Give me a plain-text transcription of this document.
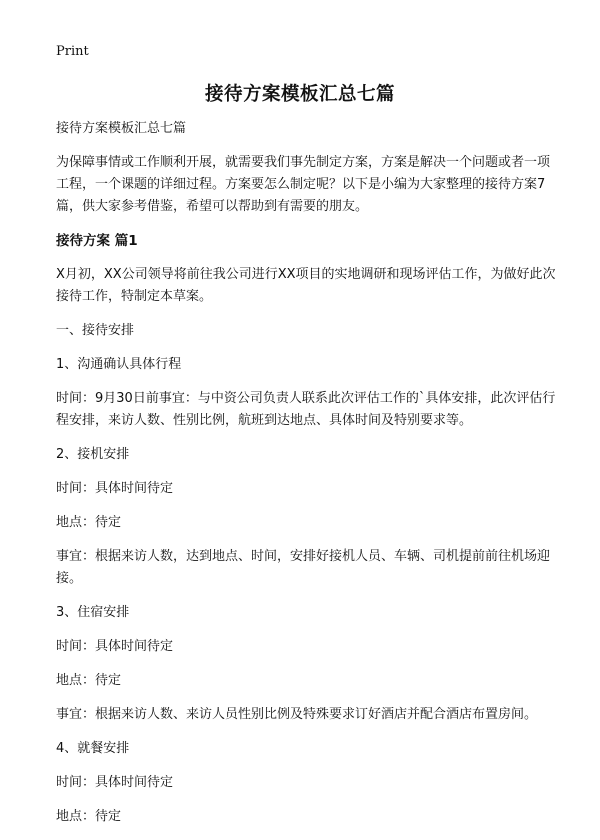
Print
接待方案模板汇总七篇

接待方案模板汇总七篇

为保障事情或工作顺利开展，就需要我们事先制定方案，方案是解决一个问题或者一项工程，一个课题的详细过程。方案要怎么制定呢？以下是小编为大家整理的接待方案7篇，供大家参考借鉴，希望可以帮助到有需要的朋友。

接待方案 篇1

X月初，XX公司领导将前往我公司进行XX项目的实地调研和现场评估工作，为做好此次接待工作，特制定本草案。

一、接待安排

1、沟通确认具体行程

时间：9月30日前事宜：与中资公司负责人联系此次评估工作的`具体安排，此次评估行程安排，来访人数、性别比例，航班到达地点、具体时间及特别要求等。

2、接机安排

时间：具体时间待定

地点：待定

事宜：根据来访人数，达到地点、时间，安排好接机人员、车辆、司机提前前往机场迎接。

3、住宿安排

时间：具体时间待定

地点：待定

事宜：根据来访人数、来访人员性别比例及特殊要求订好酒店并配合酒店布置房间。

4、就餐安排

时间：具体时间待定

地点：待定
